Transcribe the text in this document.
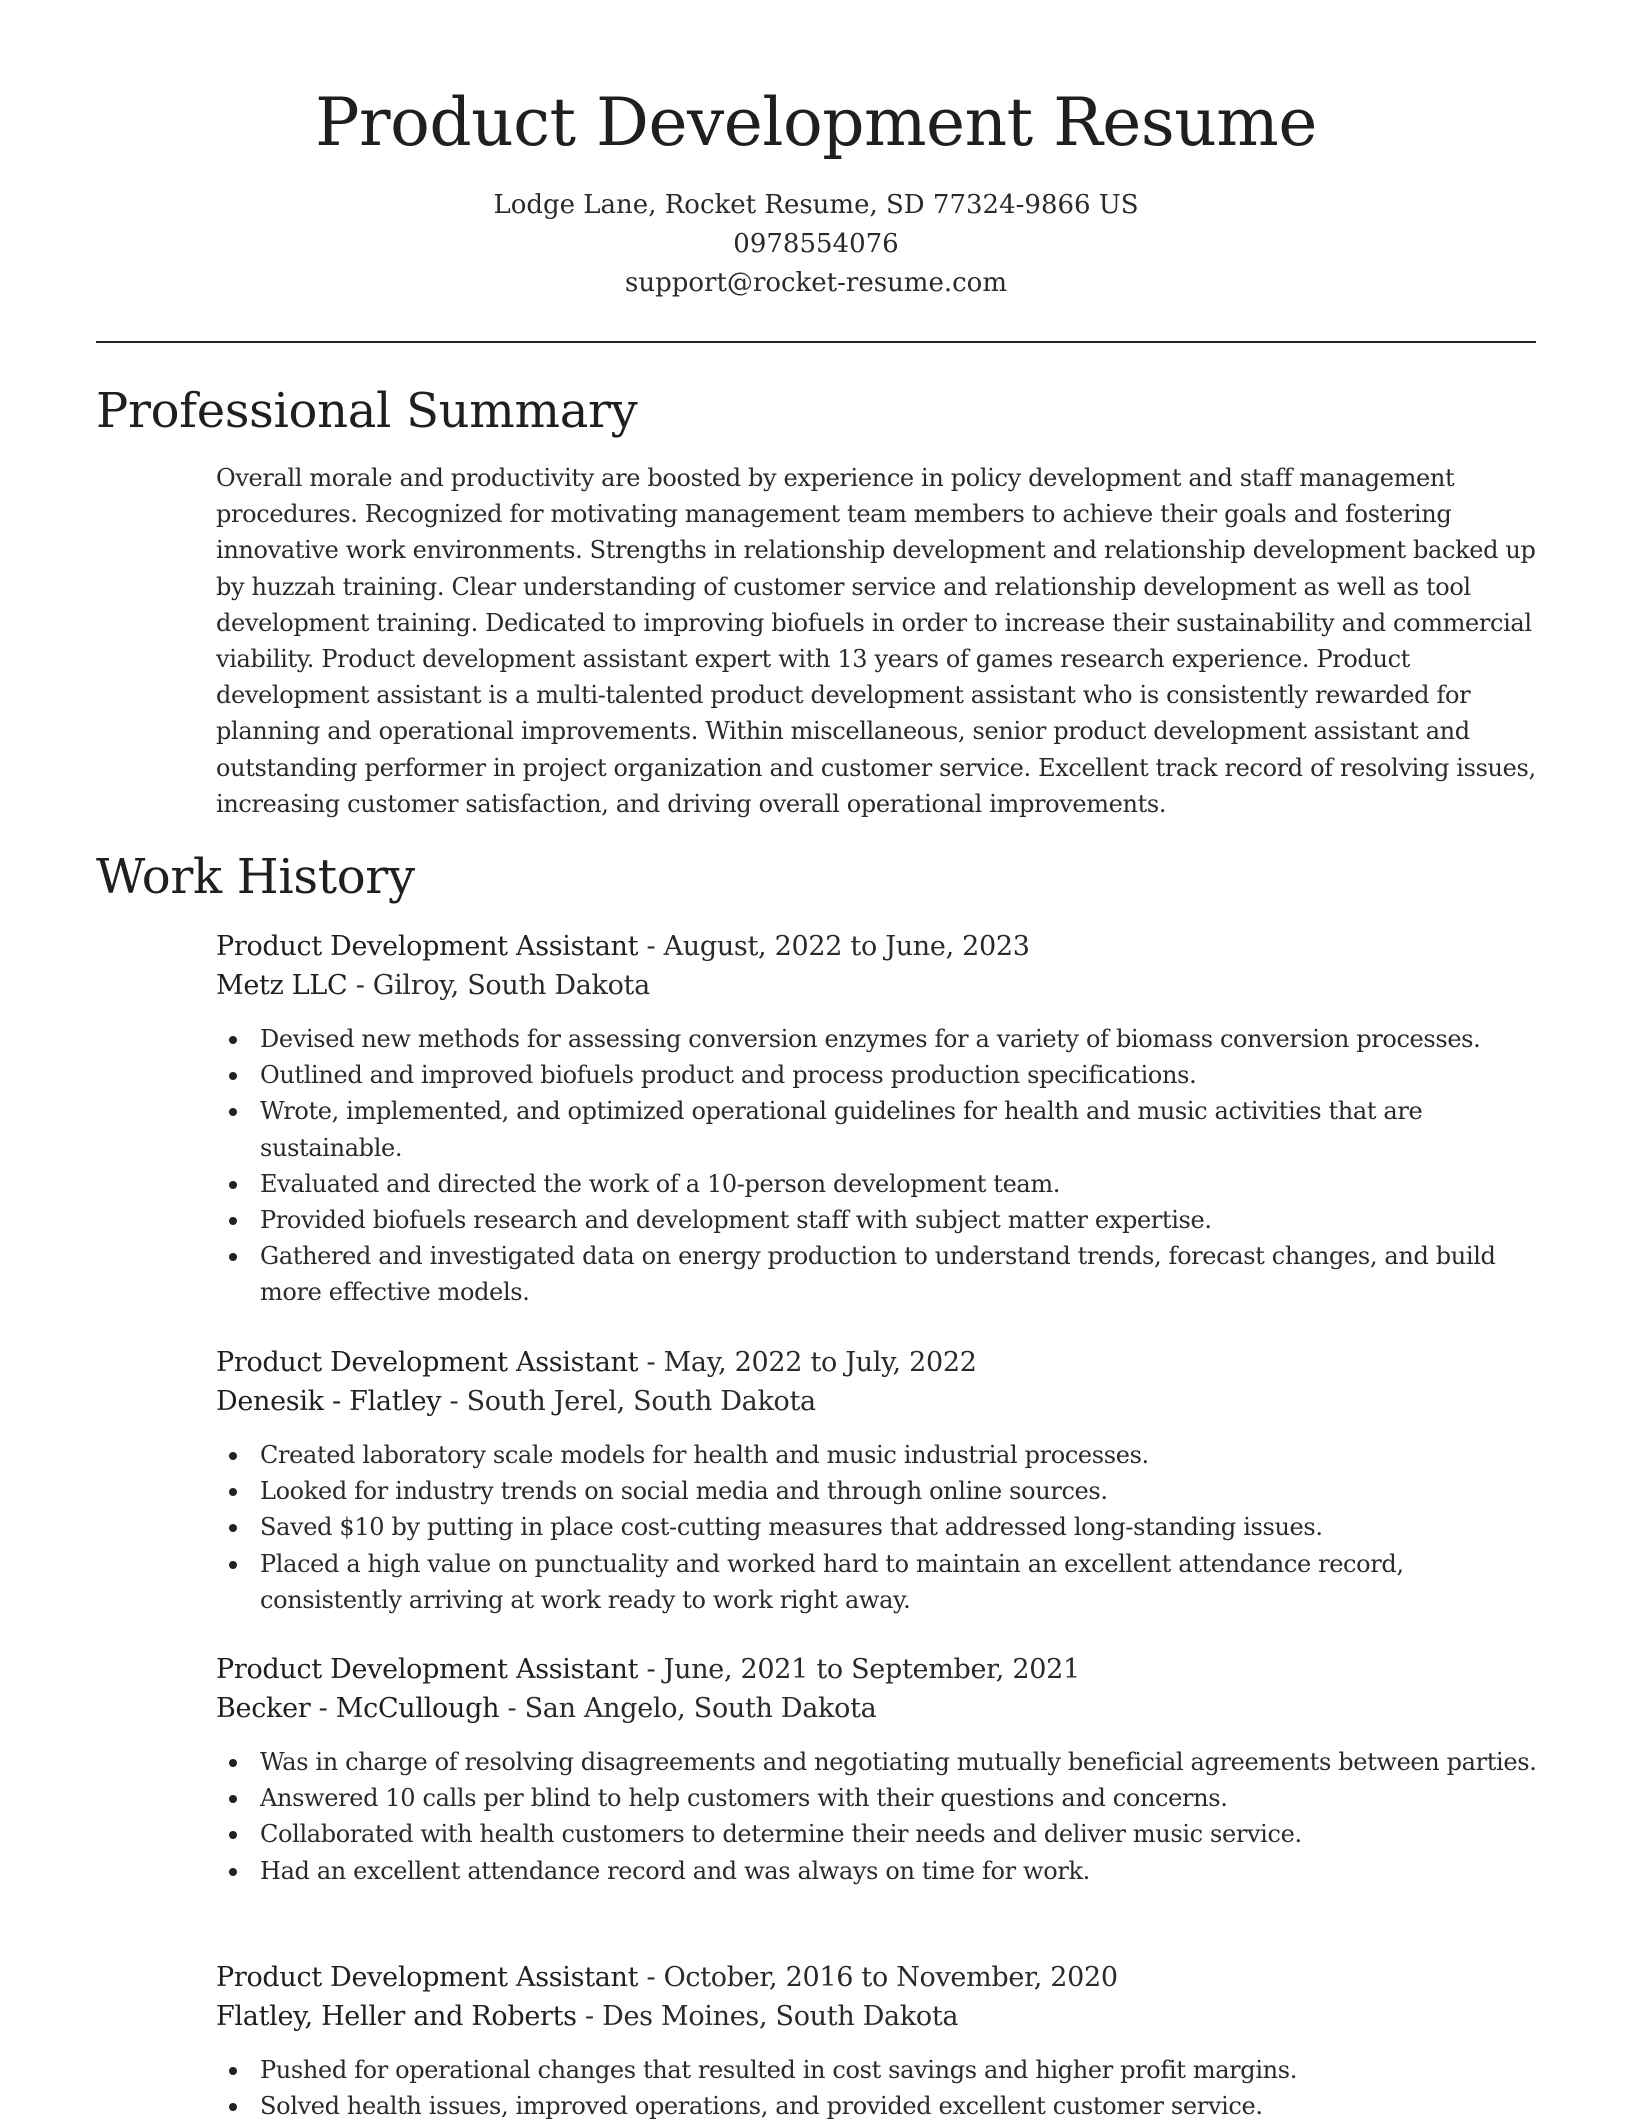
Product Development Resume
Lodge Lane, Rocket Resume, SD 77324-9866 US
0978554076
support@rocket-resume.com
Professional Summary

Overall morale and productivity are boosted by experience in policy development and staff management procedures. Recognized for motivating management team members to achieve their goals and fostering innovative work environments. Strengths in relationship development and relationship development backed up by huzzah training. Clear understanding of customer service and relationship development as well as tool development training. Dedicated to improving biofuels in order to increase their sustainability and commercial viability. Product development assistant expert with 13 years of games research experience. Product development assistant is a multi-talented product development assistant who is consistently rewarded for planning and operational improvements. Within miscellaneous, senior product development assistant and outstanding performer in project organization and customer service. Excellent track record of resolving issues, increasing customer satisfaction, and driving overall operational improvements.

Work History
Product Development Assistant - August, 2022 to June, 2023
Metz LLC - Gilroy, South Dakota
Devised new methods for assessing conversion enzymes for a variety of biomass conversion processes.
Outlined and improved biofuels product and process production specifications.
Wrote, implemented, and optimized operational guidelines for health and music activities that are sustainable.
Evaluated and directed the work of a 10-person development team.
Provided biofuels research and development staff with subject matter expertise.
Gathered and investigated data on energy production to understand trends, forecast changes, and build more effective models.
Product Development Assistant - May, 2022 to July, 2022
Denesik - Flatley - South Jerel, South Dakota
Created laboratory scale models for health and music industrial processes.
Looked for industry trends on social media and through online sources.
Saved $10 by putting in place cost-cutting measures that addressed long-standing issues.
Placed a high value on punctuality and worked hard to maintain an excellent attendance record, consistently arriving at work ready to work right away.
Product Development Assistant - June, 2021 to September, 2021
Becker - McCullough - San Angelo, South Dakota
Was in charge of resolving disagreements and negotiating mutually beneficial agreements between parties.
Answered 10 calls per blind to help customers with their questions and concerns.
Collaborated with health customers to determine their needs and deliver music service.
Had an excellent attendance record and was always on time for work.
Product Development Assistant - October, 2016 to November, 2020
Flatley, Heller and Roberts - Des Moines, South Dakota
Pushed for operational changes that resulted in cost savings and higher profit margins.
Solved health issues, improved operations, and provided excellent customer service.
